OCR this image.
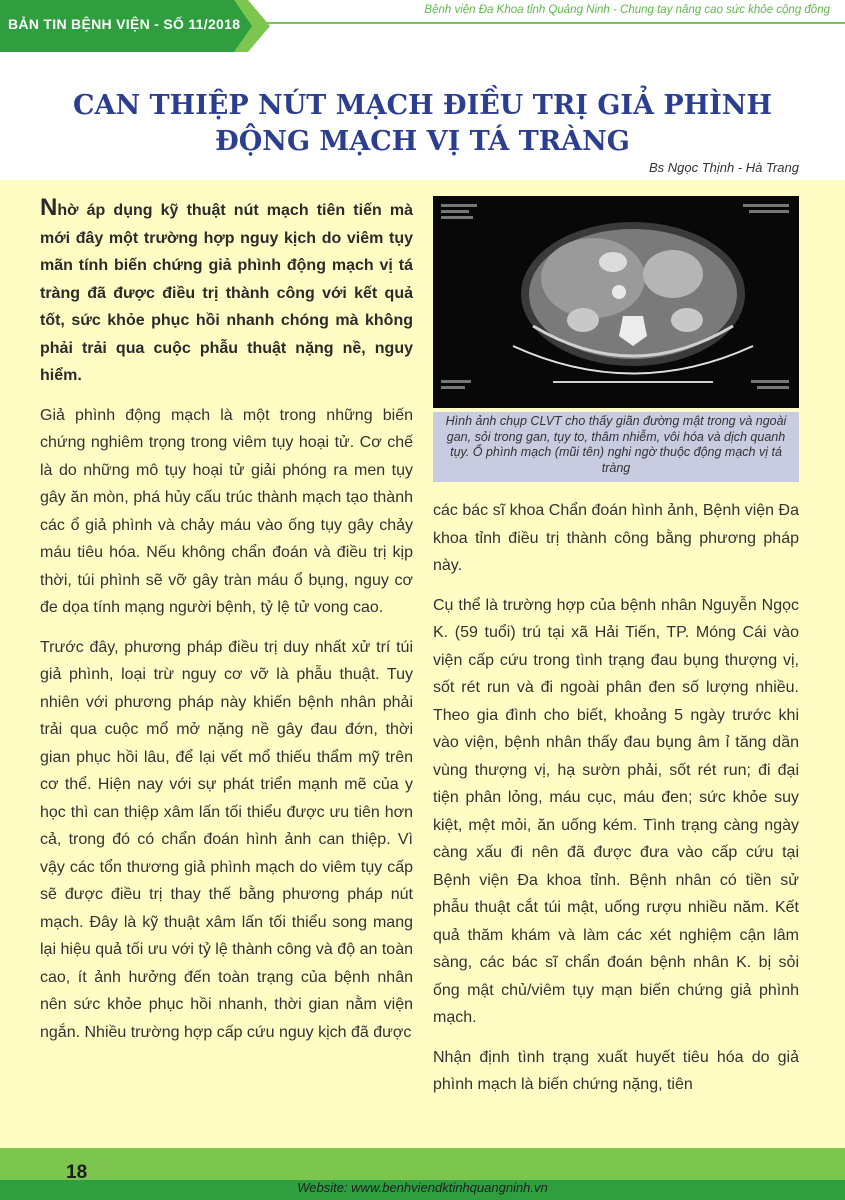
BẢN TIN BỆNH VIỆN - SỐ 11/2018
Bệnh viện Đa Khoa tỉnh Quảng Ninh - Chung tay nâng cao sức khỏe cộng đồng
CAN THIỆP NÚT MẠCH ĐIỀU TRỊ GIẢ PHÌNH
ĐỘNG MẠCH VỊ TÁ TRÀNG
Bs Ngọc Thịnh - Hà Trang

Nhờ áp dụng kỹ thuật nút mạch tiên tiến mà mới đây một trường hợp nguy kịch do viêm tụy mãn tính biến chứng giả phình động mạch vị tá tràng đã được điều trị thành công với kết quả tốt, sức khỏe phục hồi nhanh chóng mà không phải trải qua cuộc phẫu thuật nặng nề, nguy hiểm.

Giả phình động mạch là một trong những biến chứng nghiêm trọng trong viêm tụy hoại tử. Cơ chế là do những mô tụy hoại tử giải phóng ra men tụy gây ăn mòn, phá hủy cấu trúc thành mạch tạo thành các ổ giả phình và chảy máu vào ống tụy gây chảy máu tiêu hóa. Nếu không chẩn đoán và điều trị kịp thời, túi phình sẽ vỡ gây tràn máu ổ bụng, nguy cơ đe dọa tính mạng người bệnh, tỷ lệ tử vong cao.

Trước đây, phương pháp điều trị duy nhất xử trí túi giả phình, loại trừ nguy cơ vỡ là phẫu thuật. Tuy nhiên với phương pháp này khiến bệnh nhân phải trải qua cuộc mổ mở nặng nề gây đau đớn, thời gian phục hồi lâu, để lại vết mổ thiếu thẩm mỹ trên cơ thể. Hiện nay với sự phát triển mạnh mẽ của y học thì can thiệp xâm lấn tối thiểu được ưu tiên hơn cả, trong đó có chẩn đoán hình ảnh can thiệp. Vì vậy các tổn thương giả phình mạch do viêm tụy cấp sẽ được điều trị thay thế bằng phương pháp nút mạch. Đây là kỹ thuật xâm lấn tối thiểu song mang lại hiệu quả tối ưu với tỷ lệ thành công và độ an toàn cao, ít ảnh hưởng đến toàn trạng của bệnh nhân nên sức khỏe phục hồi nhanh, thời gian nằm viện ngắn. Nhiều trường hợp cấp cứu nguy kịch đã được

Hình ảnh chụp CLVT cho thấy giãn đường mật trong và ngoài gan, sỏi trong gan, tụy to, thâm nhiễm, vôi hóa và dịch quanh tụy. Ổ phình mạch (mũi tên) nghi ngờ thuộc động mạch vị tá tràng

các bác sĩ khoa Chẩn đoán hình ảnh, Bệnh viện Đa khoa tỉnh điều trị thành công bằng phương pháp này.

Cụ thể là trường hợp của bệnh nhân Nguyễn Ngọc K. (59 tuổi) trú tại xã Hải Tiến, TP. Móng Cái vào viện cấp cứu trong tình trạng đau bụng thượng vị, sốt rét run và đi ngoài phân đen số lượng nhiều. Theo gia đình cho biết, khoảng 5 ngày trước khi vào viện, bệnh nhân thấy đau bụng âm ỉ tăng dần vùng thượng vị, hạ sườn phải, sốt rét run; đi đại tiện phân lỏng, máu cục, máu đen; sức khỏe suy kiệt, mệt mỏi, ăn uống kém. Tình trạng càng ngày càng xấu đi nên đã được đưa vào cấp cứu tại Bệnh viện Đa khoa tỉnh. Bệnh nhân có tiền sử phẫu thuật cắt túi mật, uống rượu nhiều năm. Kết quả thăm khám và làm các xét nghiệm cận lâm sàng, các bác sĩ chẩn đoán bệnh nhân K. bị sỏi ống mật chủ/viêm tụy mạn biến chứng giả phình mạch.

Nhận định tình trạng xuất huyết tiêu hóa do giả phình mạch là biến chứng nặng, tiên

18
Website: www.benhviendktinhquangninh.vn
